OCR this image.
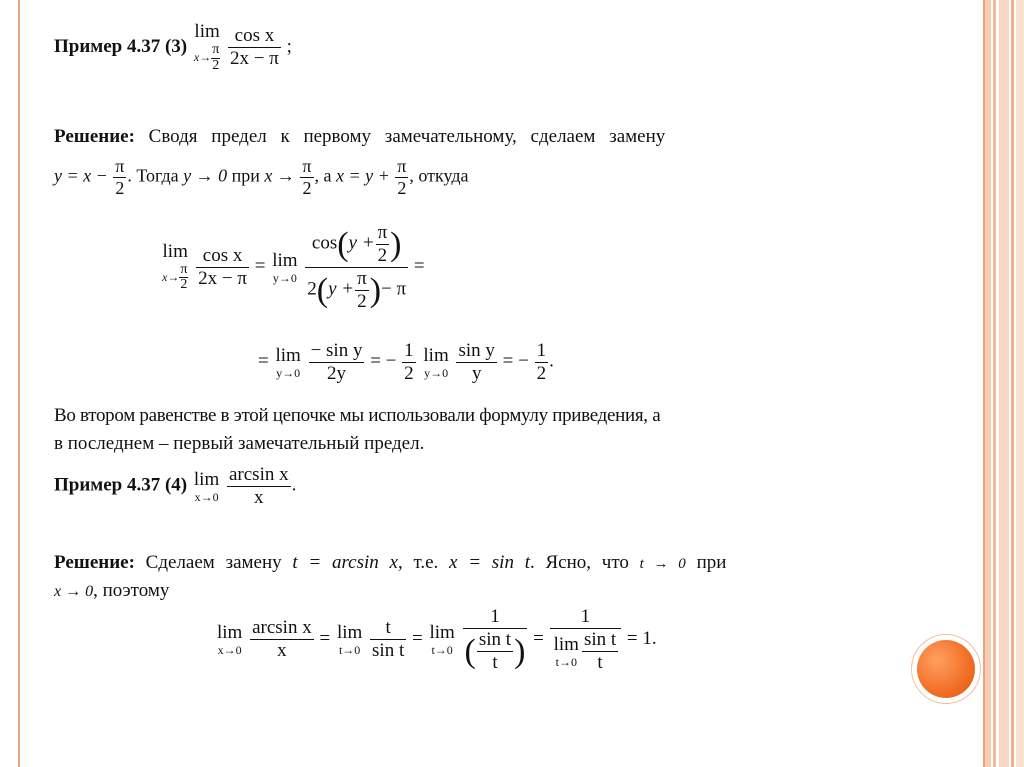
Пример 4.37 (3)
lim
$x\to \frac{\pi}{2}$
$\frac{\text{cos x}}{2x - \pi}$ ;
Решение: Сводя предел к первому замечательному, сделаем замену
$y = x - \frac{\pi}{2}$ . Тогда y → 0 при $x \to \frac{\pi}{2}$ , а $x = y + \frac{\pi}{2}$ , откуда
lim
$x\to \frac{\pi}{2}$
$\frac{\text{cos x}}{2x - \pi} = \lim$
y→0
$\frac{\cos(y + \frac{\pi}{2} )}{2(y + \frac{\pi}{2} )- \pi}$ =
= lim
y→0
$\frac{\text{− sin y}}{2y}$ = − $\frac{1}{2}$
lim
y→0
$\frac{\text{sin y}}{y}$ = − $\frac{1}{2}$ .
Во втором равенстве в этой цепочке мы использовали формулу приведения, а
в последнем – первый замечательный предел.
Пример 4.37 (4) lim
x→0
$\frac{\text{arcsin x}}{x}$ .
Решение: Сделаем замену t = arcsin x, т.е. x = sin t. Ясно, что t → 0 при
x → 0, поэтому
lim
x→0
$\frac{\text{arcsin x}}{x} = \lim$
t→0
$\frac{t}{\text{sin t}} = \lim$
t→0
$\frac{1}{( \frac{\text{sin t}}{t} )} = 1$
lim
$t\to 0 \frac{\text{sin t}}{t} = 1$.
